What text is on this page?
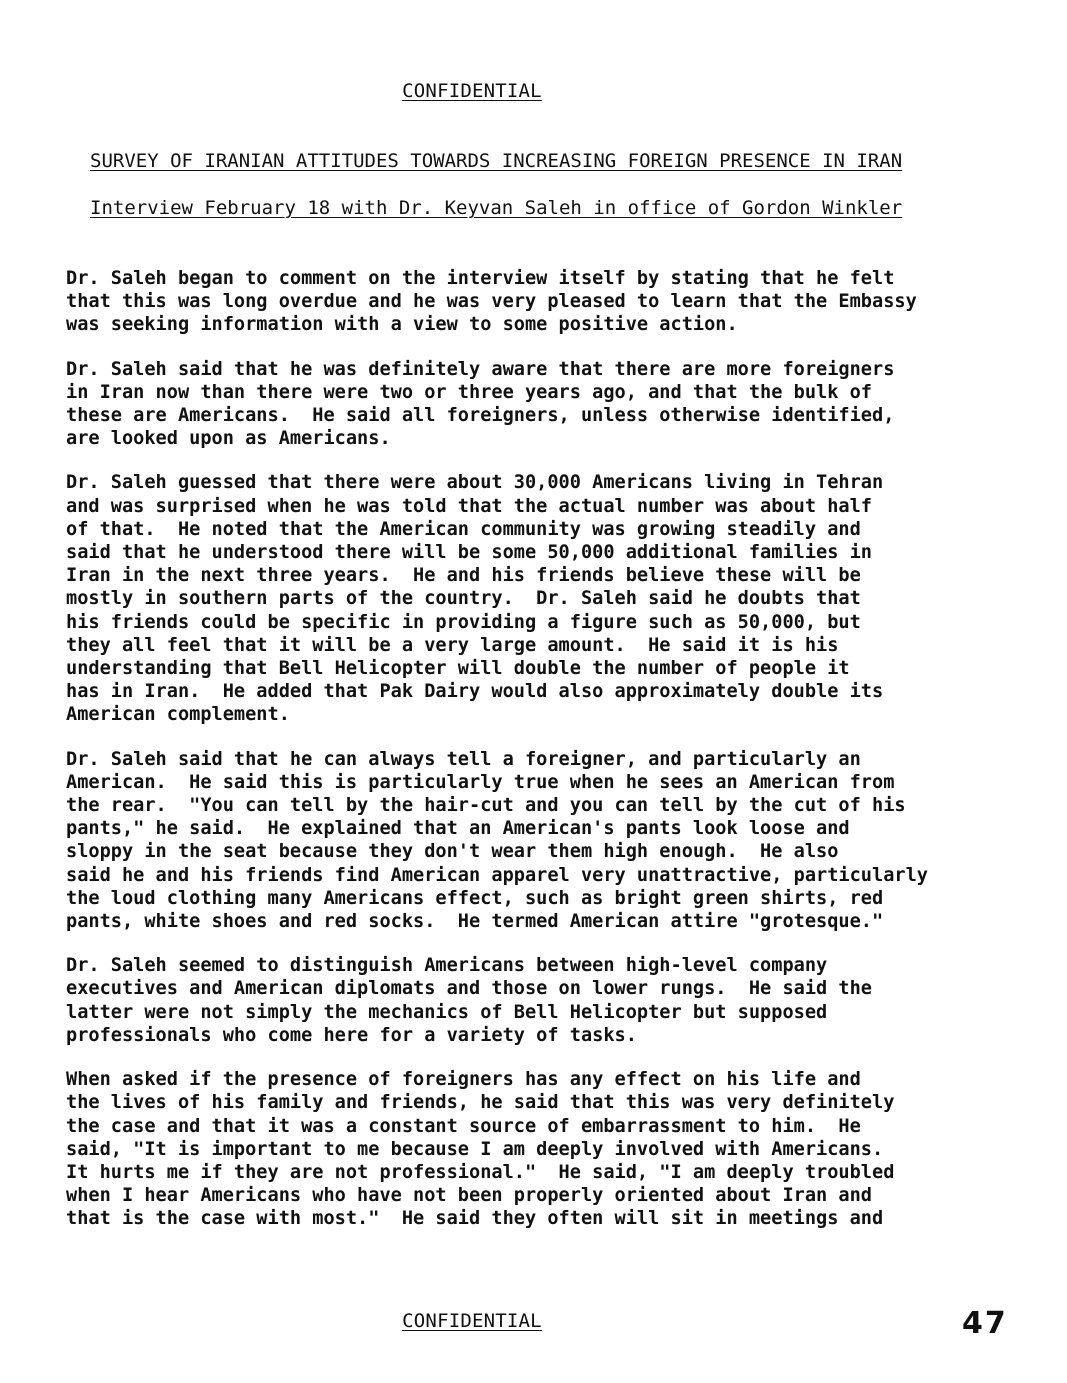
CONFIDENTIAL
SURVEY OF IRANIAN ATTITUDES TOWARDS INCREASING FOREIGN PRESENCE IN IRAN
Interview February 18 with Dr. Keyvan Saleh in office of Gordon Winkler

Dr. Saleh began to comment on the interview itself by stating that he felt
that this was long overdue and he was very pleased to learn that the Embassy
was seeking information with a view to some positive action.

Dr. Saleh said that he was definitely aware that there are more foreigners
in Iran now than there were two or three years ago, and that the bulk of
these are Americans.  He said all foreigners, unless otherwise identified,
are looked upon as Americans.

Dr. Saleh guessed that there were about 30,000 Americans living in Tehran
and was surprised when he was told that the actual number was about half
of that.  He noted that the American community was growing steadily and
said that he understood there will be some 50,000 additional families in
Iran in the next three years.  He and his friends believe these will be
mostly in southern parts of the country.  Dr. Saleh said he doubts that
his friends could be specific in providing a figure such as 50,000, but
they all feel that it will be a very large amount.  He said it is his
understanding that Bell Helicopter will double the number of people it
has in Iran.  He added that Pak Dairy would also approximately double its
American complement.

Dr. Saleh said that he can always tell a foreigner, and particularly an
American.  He said this is particularly true when he sees an American from
the rear.  "You can tell by the hair-cut and you can tell by the cut of his
pants," he said.  He explained that an American's pants look loose and
sloppy in the seat because they don't wear them high enough.  He also
said he and his friends find American apparel very unattractive, particularly
the loud clothing many Americans effect, such as bright green shirts, red
pants, white shoes and red socks.  He termed American attire "grotesque."

Dr. Saleh seemed to distinguish Americans between high-level company
executives and American diplomats and those on lower rungs.  He said the
latter were not simply the mechanics of Bell Helicopter but supposed
professionals who come here for a variety of tasks.

When asked if the presence of foreigners has any effect on his life and
the lives of his family and friends, he said that this was very definitely
the case and that it was a constant source of embarrassment to him.  He
said, "It is important to me because I am deeply involved with Americans.
It hurts me if they are not professional."  He said, "I am deeply troubled
when I hear Americans who have not been properly oriented about Iran and
that is the case with most."  He said they often will sit in meetings and

CONFIDENTIAL	47
